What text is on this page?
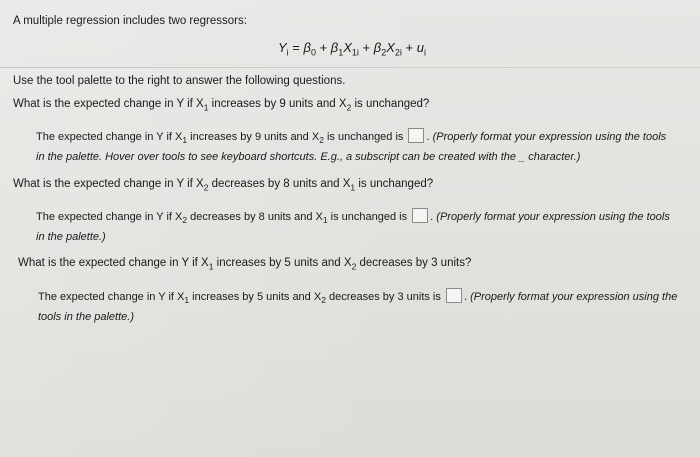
A multiple regression includes two regressors:
$Y_i = \beta_0 + \beta_1X_{1i} + \beta_2X_{2i} + u_i$
Use the tool palette to the right to answer the following questions.
What is the expected change in Y if $X_1$ increases by 9 units and $X_2$ is unchanged?
The expected change in Y if $X_1$ increases by 9 units and $X_2$ is unchanged is . (Properly format your expression using the tools in the palette. Hover over tools to see keyboard shortcuts. E.g., a subscript can be created with the _ character.)
What is the expected change in Y if $X_2$ decreases by 8 units and $X_1$ is unchanged?
The expected change in Y if $X_2$ decreases by 8 units and $X_1$ is unchanged is . (Properly format your expression using the tools in the palette.)
What is the expected change in Y if $X_1$ increases by 5 units and $X_2$ decreases by 3 units?
The expected change in Y if $X_1$ increases by 5 units and $X_2$ decreases by 3 units is . (Properly format your expression using the tools in the palette.)
